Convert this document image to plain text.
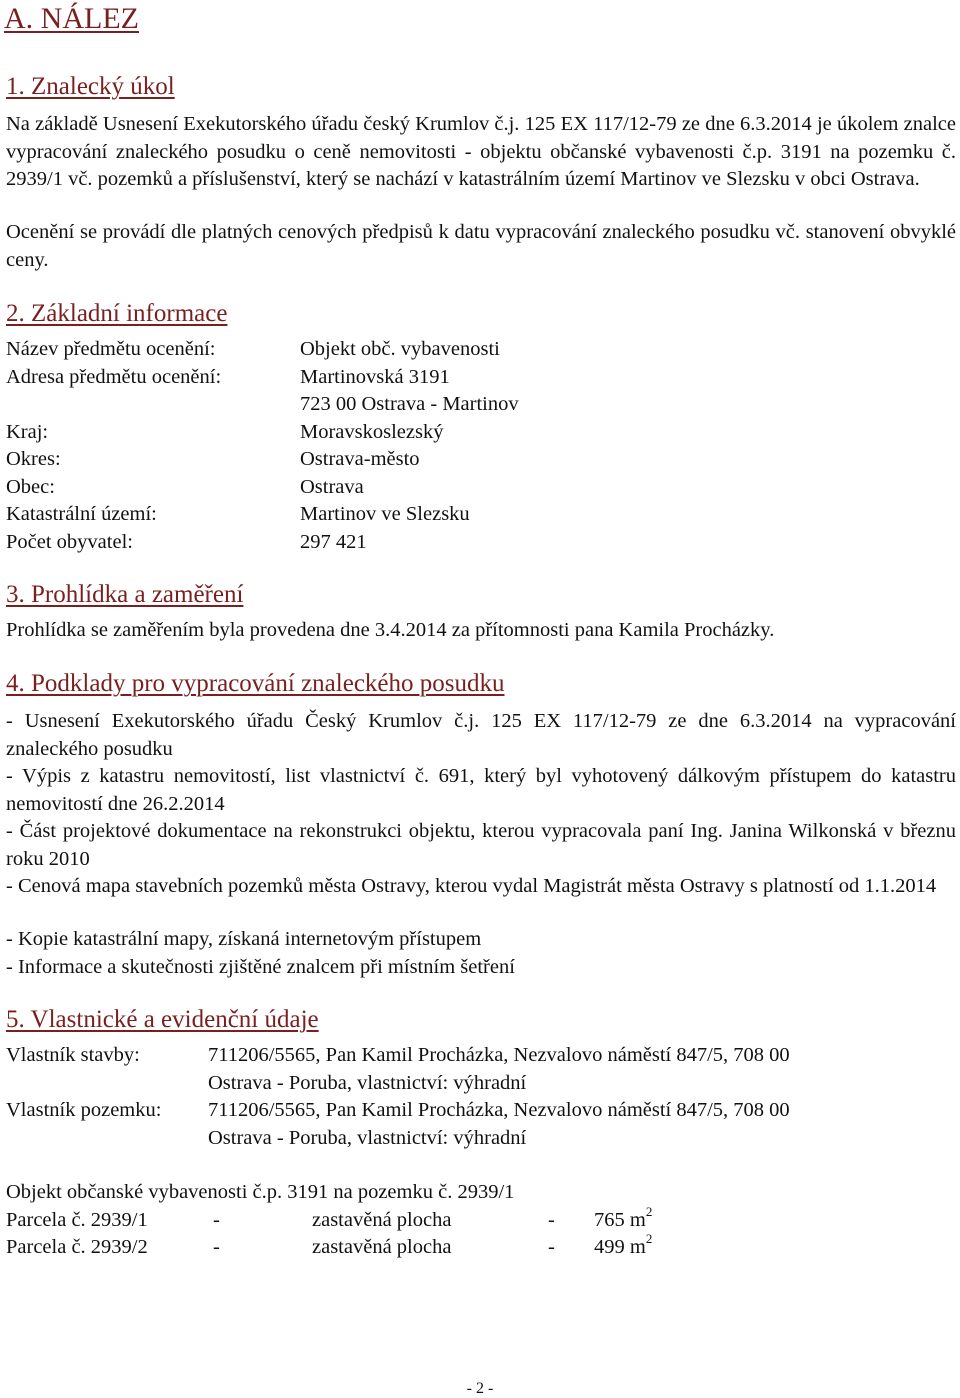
A. NÁLEZ
1. Znalecký úkol
Na základě Usnesení Exekutorského úřadu český Krumlov č.j. 125 EX 117/12-79 ze dne 6.3.2014 je úkolem znalce vypracování znaleckého posudku o ceně nemovitosti - objektu občanské vybavenosti č.p. 3191 na pozemku č. 2939/1 vč. pozemků a příslušenství, který se nachází v katastrálním území Martinov ve Slezsku v obci Ostrava.
Ocenění se provádí dle platných cenových předpisů k datu vypracování znaleckého posudku vč. stanovení obvyklé ceny.
2. Základní informace
Název předmětu ocenění:	Objekt obč. vybavenosti
Adresa předmětu ocenění:	Martinovská 3191
723 00 Ostrava - Martinov
Kraj:	Moravskoslezský
Okres:	Ostrava-město
Obec:	Ostrava
Katastrální území:	Martinov ve Slezsku
Počet obyvatel:	297 421
3. Prohlídka a zaměření
Prohlídka se zaměřením byla provedena dne 3.4.2014 za přítomnosti pana Kamila Procházky.
4. Podklady pro vypracování znaleckého posudku
- Usnesení Exekutorského úřadu Český Krumlov č.j. 125 EX 117/12-79 ze dne 6.3.2014 na vypracování znaleckého posudku
- Výpis z katastru nemovitostí, list vlastnictví č. 691, který byl vyhotovený dálkovým přístupem do katastru nemovitostí dne 26.2.2014
- Část projektové dokumentace na rekonstrukci objektu, kterou vypracovala paní Ing. Janina Wilkonská v březnu roku 2010
- Cenová mapa stavebních pozemků města Ostravy, kterou vydal Magistrát města Ostravy s platností od 1.1.2014
- Kopie katastrální mapy, získaná internetovým přístupem
- Informace a skutečnosti zjištěné znalcem při místním šetření
5. Vlastnické a evidenční údaje
Vlastník stavby:	711206/5565, Pan Kamil Procházka, Nezvalovo náměstí 847/5, 708 00
Ostrava - Poruba, vlastnictví: výhradní
Vlastník pozemku: 711206/5565, Pan Kamil Procházka, Nezvalovo náměstí 847/5, 708 00
Ostrava - Poruba, vlastnictví: výhradní
Objekt občanské vybavenosti č.p. 3191 na pozemku č. 2939/1
Parcela č. 2939/1	-	zastavěná plocha	- 765 $m^2$
Parcela č. 2939/2	-	zastavěná plocha	- 499 $m^2$
- 2 -
